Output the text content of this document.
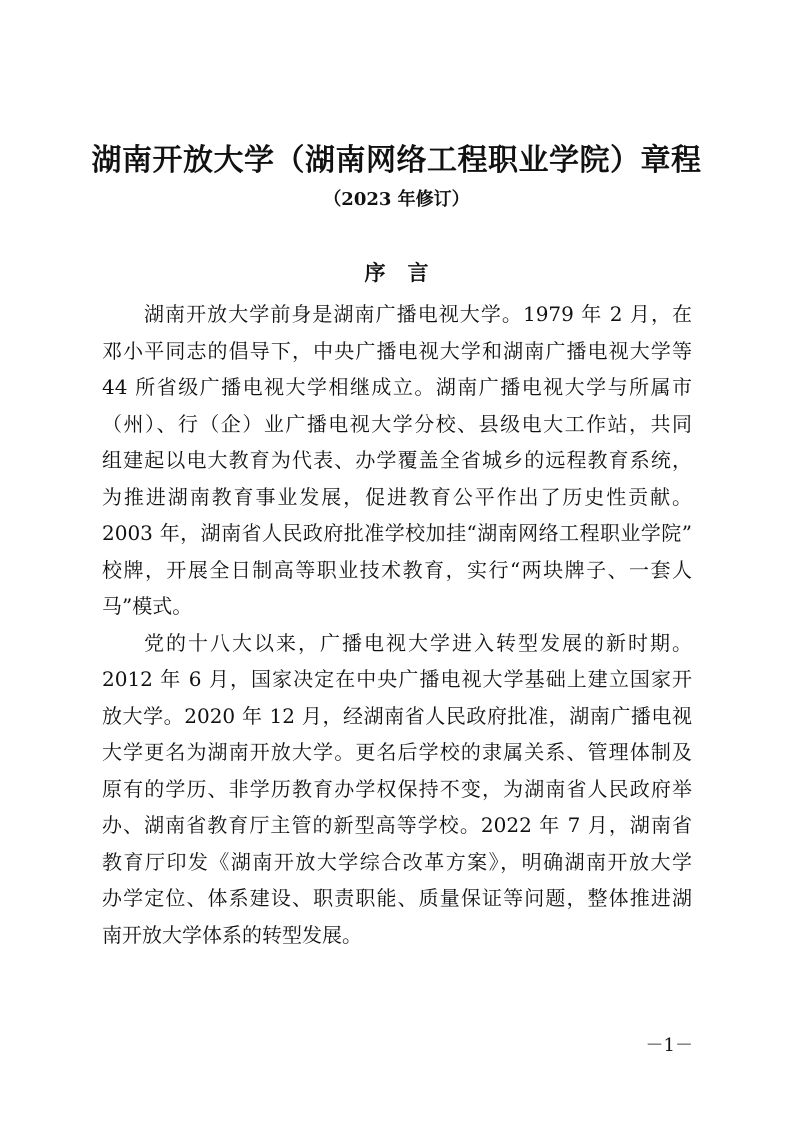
湖南开放大学（湖南网络工程职业学院）章程
（2023 年修订）
序言
湖南开放大学前身是湖南广播电视大学。1979 年 2 月，在
邓小平同志的倡导下，中央广播电视大学和湖南广播电视大学等
44 所省级广播电视大学相继成立。湖南广播电视大学与所属市
（州）、行（企）业广播电视大学分校、县级电大工作站，共同
组建起以电大教育为代表、办学覆盖全省城乡的远程教育系统，
为推进湖南教育事业发展，促进教育公平作出了历史性贡献。
2003 年，湖南省人民政府批准学校加挂“湖南网络工程职业学院”
校牌，开展全日制高等职业技术教育，实行“两块牌子、一套人
马”模式。
党的十八大以来，广播电视大学进入转型发展的新时期。
2012 年 6 月，国家决定在中央广播电视大学基础上建立国家开
放大学。2020 年 12 月，经湖南省人民政府批准，湖南广播电视
大学更名为湖南开放大学。更名后学校的隶属关系、管理体制及
原有的学历、非学历教育办学权保持不变，为湖南省人民政府举
办、湖南省教育厅主管的新型高等学校。2022 年 7 月，湖南省
教育厅印发《湖南开放大学综合改革方案》，明确湖南开放大学
办学定位、体系建设、职责职能、质量保证等问题，整体推进湖
南开放大学体系的转型发展。
－1－
